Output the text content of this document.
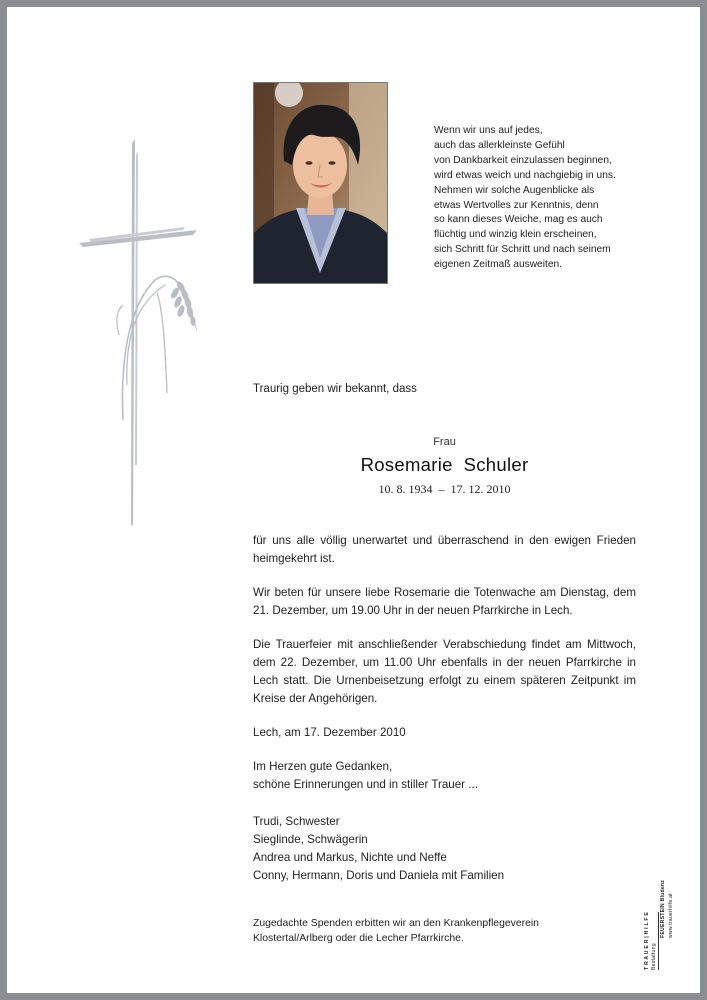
Wenn wir uns auf jedes,
auch das allerkleinste Gefühl
von Dankbarkeit einzulassen beginnen,
wird etwas weich und nachgiebig in uns.
Nehmen wir solche Augenblicke als
etwas Wertvolles zur Kenntnis, denn
so kann dieses Weiche, mag es auch
flüchtig und winzig klein erscheinen,
sich Schritt für Schritt und nach seinem
eigenen Zeitmaß ausweiten.
Traurig geben wir bekannt, dass
Frau
Rosemarie  Schuler
10. 8. 1934  –  17. 12. 2010

für uns alle völlig unerwartet und überraschend in den ewigen Frieden heimgekehrt ist.

Wir beten für unsere liebe Rosemarie die Totenwache am Dienstag, dem 21. Dezember, um 19.00 Uhr in der neuen Pfarrkirche in Lech.

Die Trauerfeier mit anschließender Verabschiedung findet am Mittwoch, dem 22. Dezember, um 11.00 Uhr ebenfalls in der neuen Pfarrkirche in Lech statt. Die Urnenbeisetzung erfolgt zu einem späteren Zeitpunkt im Kreise der Angehörigen.

Lech, am 17. Dezember 2010

Im Herzen gute Gedanken,
schöne Erinnerungen und in stiller Trauer ...

Trudi, Schwester
Sieglinde, Schwägerin
Andrea und Markus, Nichte und Neffe
Conny, Hermann, Doris und Daniela mit Familien
Zugedachte Spenden erbitten wir an den Krankenpflegeverein
Klostertal/Arlberg oder die Lecher Pfarrkirche.	T R A U E R | H I L F E Bestattung
FEUERSTEIN Bludenz www.trauerhilfe.at
